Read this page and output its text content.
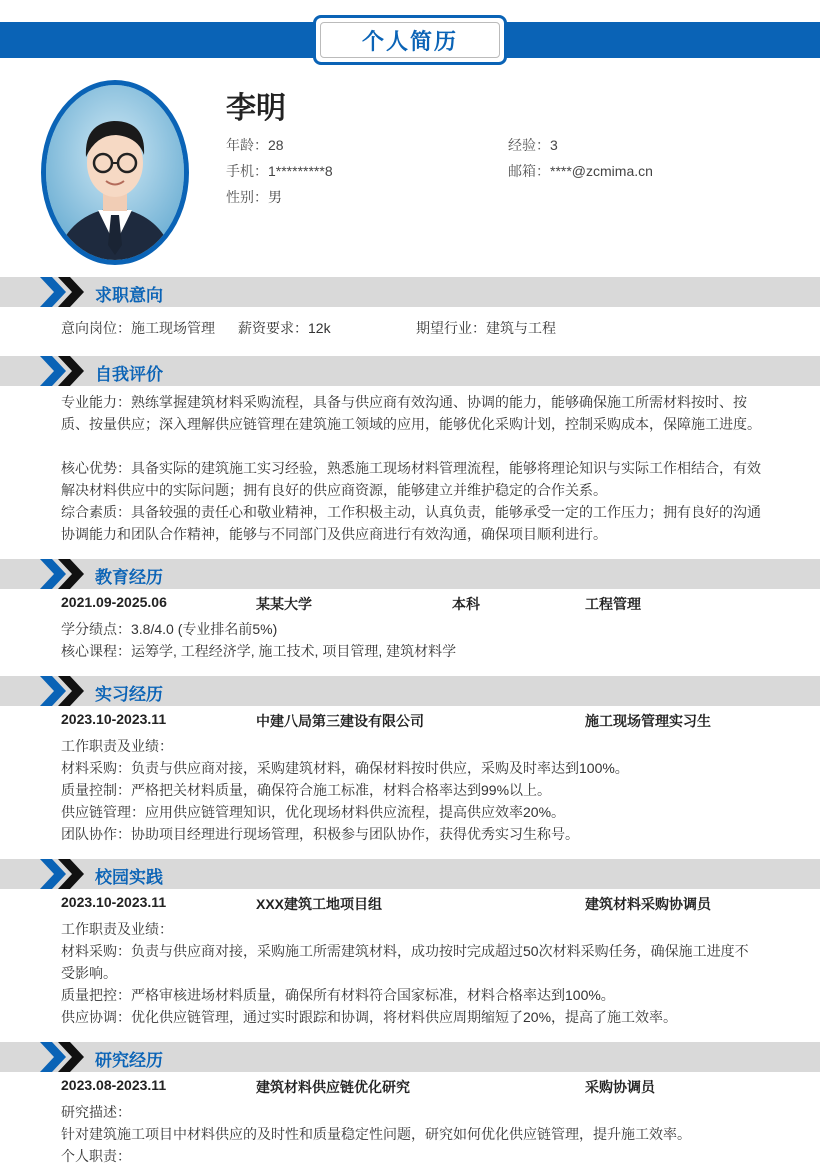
个人简历
李明
年龄：28	经验：3
手机：1*********8	邮箱：****@zcmima.cn
性别：男
求职意向
意向岗位：施工现场管理	薪资要求：12k	期望行业：建筑与工程
自我评价
专业能力：熟练掌握建筑材料采购流程，具备与供应商有效沟通、协调的能力，能够确保施工所需材料按时、按质、按量供应；深入理解供应链管理在建筑施工领域的应用，能够优化采购计划，控制采购成本，保障施工进度。
核心优势：具备实际的建筑施工实习经验，熟悉施工现场材料管理流程，能够将理论知识与实际工作相结合，有效解决材料供应中的实际问题；拥有良好的供应商资源，能够建立并维护稳定的合作关系。
综合素质：具备较强的责任心和敬业精神，工作积极主动，认真负责，能够承受一定的工作压力；拥有良好的沟通协调能力和团队合作精神，能够与不同部门及供应商进行有效沟通，确保项目顺利进行。
教育经历
2021.09-2025.06	某某大学	本科	工程管理
学分绩点：3.8/4.0 (专业排名前5%)
核心课程：运筹学, 工程经济学, 施工技术, 项目管理, 建筑材料学
实习经历
2023.10-2023.11	中建八局第三建设有限公司	施工现场管理实习生
工作职责及业绩：
材料采购：负责与供应商对接，采购建筑材料，确保材料按时供应，采购及时率达到100%。
质量控制：严格把关材料质量，确保符合施工标准，材料合格率达到99%以上。
供应链管理：应用供应链管理知识，优化现场材料供应流程，提高供应效率20%。
团队协作：协助项目经理进行现场管理，积极参与团队协作，获得优秀实习生称号。
校园实践
2023.10-2023.11	XXX建筑工地项目组	建筑材料采购协调员
工作职责及业绩：
材料采购：负责与供应商对接，采购施工所需建筑材料，成功按时完成超过50次材料采购任务，确保施工进度不受影响。
质量把控：严格审核进场材料质量，确保所有材料符合国家标准，材料合格率达到100%。
供应协调：优化供应链管理，通过实时跟踪和协调，将材料供应周期缩短了20%，提高了施工效率。
研究经历
2023.08-2023.11	建筑材料供应链优化研究	采购协调员
研究描述：
针对建筑施工项目中材料供应的及时性和质量稳定性问题，研究如何优化供应链管理，提升施工效率。
个人职责：
